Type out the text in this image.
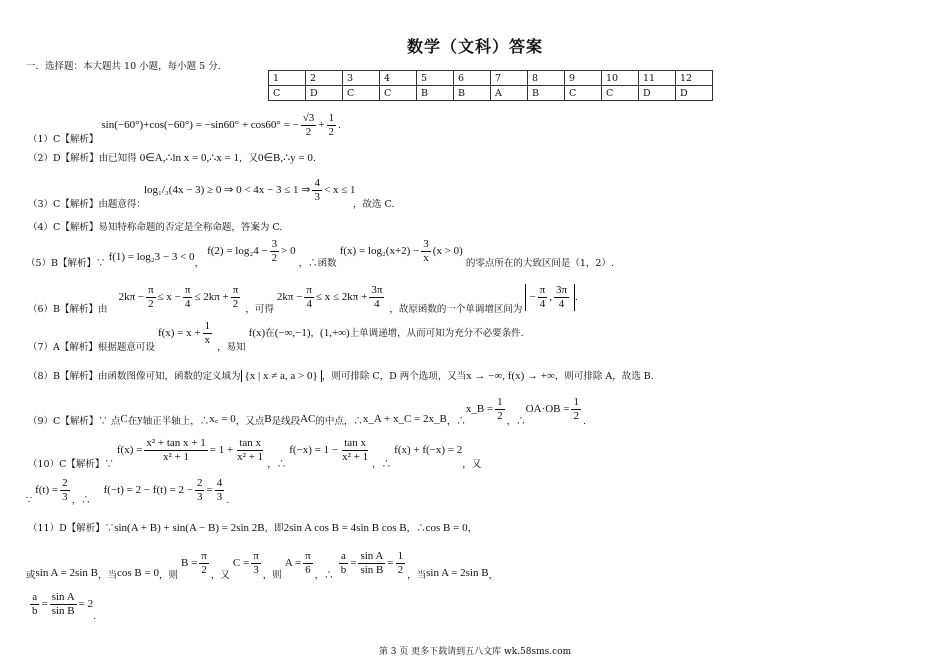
数学（文科）答案
一．选择题：本大题共 10 小题，每小题 5 分.
1	2	3	4	5	6	7	8	9	10	11	12
C	D	C	C	B	B	A	B	C	C	D	D
（1）C【解析】 sin(−60°)+cos(−60°) = −sin60° + cos60° = − $\frac{√3}{2} + \frac{1}{2}$ .
（2）D【解析】由已知得 0∈A,∴ln x = 0,∴x = 1，又0∈B,∴y = 0.
log₁/₃(4x − 3) ≥ 0 ⇒ 0 < 4x − 3 ≤ 1 ⇒ $\frac{4}{3} < x \le 1$
（3）C【解析】由题意得：	，故选 C.
（4）C【解析】易知特称命题的否定是全称命题，答案为 C.
（5）B【解析】∵ f(1) = log₂3 − 3 < 0， $f(2) = \log_24 - \frac{3}{2} > 0$ ，∴函数 $f(x) = \log_2(x+2) - \frac{3}{x} (x > 0)$ 的零点所在的大致区间是（1，2）.
（6）B【解析】由 $2k\pi - \frac{\pi}{2} \le x - \frac{\pi}{4} \le 2k\pi + \frac{\pi}{2}$ ，可得 $2k\pi - \frac{\pi}{4} \le x \le 2k\pi + \frac{3\pi}{4}$ ，故原函数的一个单调增区间为 − $\frac{\pi}{4}$ , $\frac{3\pi}{4}$ .
（7）A【解析】根据题意可设 $f(x) = x + \frac{1}{x}$
，易知 f(x)在(−∞,−1)，(1,+∞)上单调递增，从而可知为充分不必要条件.
（8）B【解析】由函数图像可知，函数的定义域为 {x | x ≠ a, a > 0} ，则可排除 C，D 两个选项，又当x → −∞, f(x) → +∞，则可排除 A，故选 B.
（9）C【解析】∵ 点C在y轴正半轴上，∴x꜀ = 0，又点B是线段AC的中点，∴x_A + x_C = 2x_B，∴x_B = $\frac{1}{2}$ ，∴OA·OB = $\frac{1}{2}$ .
（10）C【解析】∵ $f(x) = \frac{\text{x² + tan x + 1}}{\text{x² + 1}} = 1 + \frac{\text{tan x}}{\text{x² + 1}}$
，∴ $f(-x) = 1 - \frac{\text{tan x}}{\text{x² + 1}}$
，∴ f(x) + f(−x) = 2，又
∵ $f(t) = \frac{2}{3}$ ，∴ $f(-t) = 2 - f(t) = 2 - \frac{2}{3} = \frac{4}{3}$ .
（11）D【解析】∵sin(A + B) + sin(A − B) = 2sin 2B，即2sin A cos B = 4sin B cos B，∴cos B = 0，
或sin A = 2sin B，当cos B = 0，则 $B = \frac{\pi}{2}$ ，又 $C = \frac{\pi}{3}$ ，则 $A = \frac{\pi}{6}$ ，∴ $\frac{a}{b} = \frac{\text{sin A}}{\text{sin B}} = \frac{1}{2}$ ，当sin A = 2sin B，
$\frac{a}{b} = \frac{\text{sin A}}{\text{sin B}} = 2$.
第 3 页 更多下载请到五八文库 wk.58sms.com
